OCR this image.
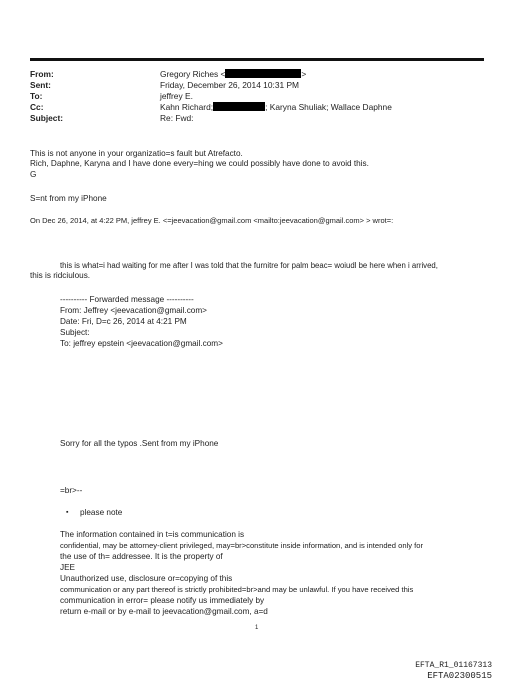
From:	Gregory Riches <	>
Sent:	Friday, December 26, 2014 10:31 PM
To:	jeffrey E.
Cc:	Kahn Richard;	; Karyna Shuliak; Wallace Daphne
Subject:	Re: Fwd:
This is not anyone in your organizatio=s fault but Atrefacto.
Rich, Daphne, Karyna and I have done every=hing we could possibly have done to avoid this.
G
S=nt from my iPhone
On Dec 26, 2014, at 4:22 PM, jeffrey E. <=jeevacation@gmail.com <mailto:jeevacation@gmail.com> > wrot=:
this is what=i had waiting for me after I was told that the furnitre for palm beac= woiudl be here when i arrived,
this is ridciulous.
---------- Forwarded message ----------
From: Jeffrey <jeevacation@gmail.com>
Date: Fri, D=c 26, 2014 at 4:21 PM
Subject:
To: jeffrey epstein <jeevacation@gmail.com>
Sorry for all the typos .Sent from my iPhone
=br>--
▪ please note
The information contained in t=is communication is
confidential, may be attorney-client privileged, may=br>constitute inside information, and is intended only for
the use of th= addressee. It is the property of
JEE
Unauthorized use, disclosure or=copying of this
communication or any part thereof is strictly prohibited=br>and may be unlawful. If you have received this
communication in error= please notify us immediately by
return e-mail or by e-mail to jeevacation@gmail.com, a=d
1
EFTA_R1_01167313
EFTA02300515
